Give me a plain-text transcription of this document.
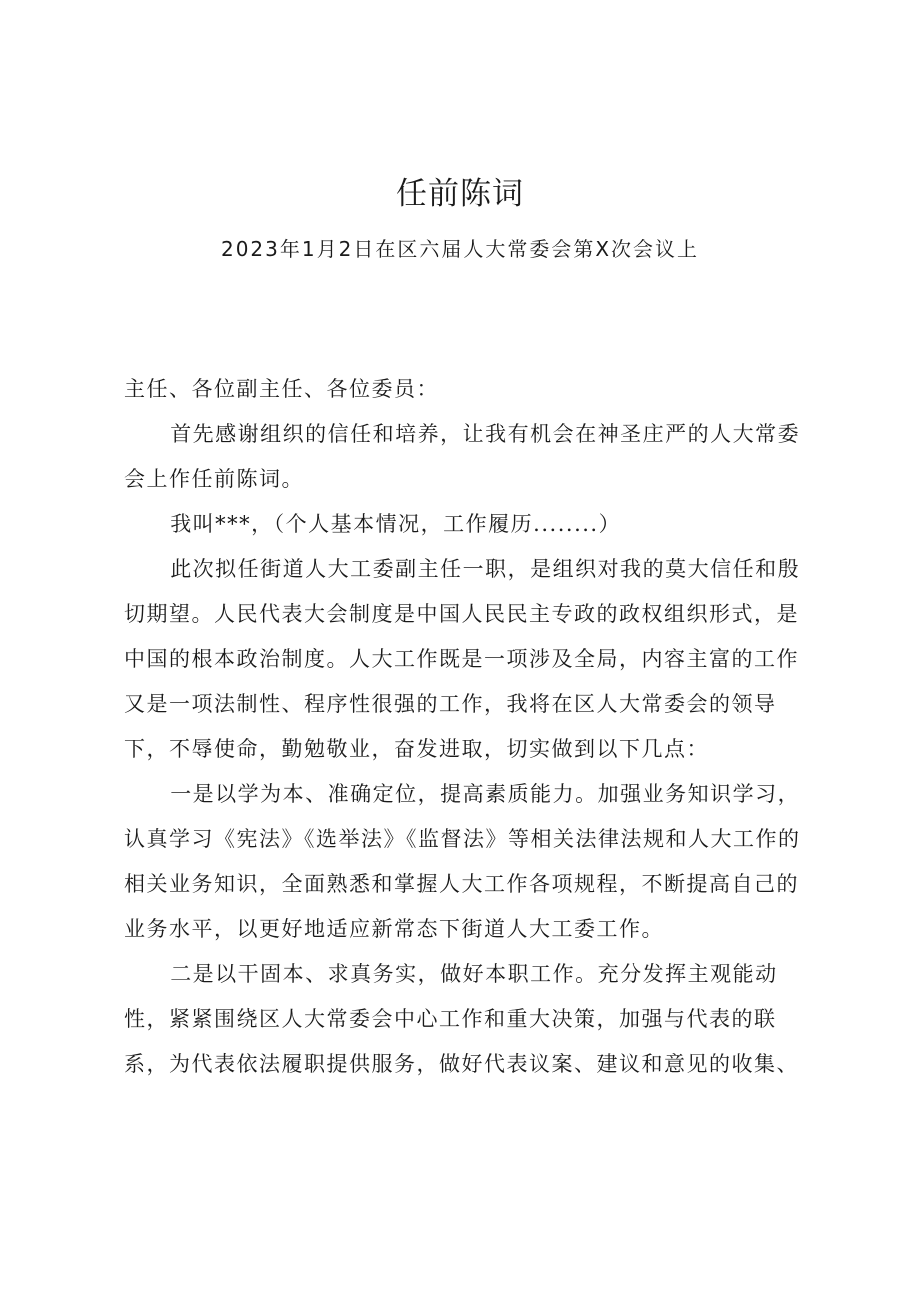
任前陈词
2023年1月2日在区六届人大常委会第X次会议上

主任、各位副主任、各位委员：

首先感谢组织的信任和培养，让我有机会在神圣庄严的人大常委会上作任前陈词。

我叫***，（个人基本情况，工作履历........）

此次拟任街道人大工委副主任一职，是组织对我的莫大信任和殷切期望。人民代表大会制度是中国人民民主专政的政权组织形式，是中国的根本政治制度。人大工作既是一项涉及全局，内容主富的工作又是一项法制性、程序性很强的工作，我将在区人大常委会的领导下，不辱使命，勤勉敬业，奋发进取，切实做到以下几点：

一是以学为本、准确定位，提高素质能力。加强业务知识学习，认真学习《宪法》《选举法》《监督法》等相关法律法规和人大工作的相关业务知识，全面熟悉和掌握人大工作各项规程，不断提高自己的业务水平，以更好地适应新常态下街道人大工委工作。

二是以干固本、求真务实，做好本职工作。充分发挥主观能动性，紧紧围绕区人大常委会中心工作和重大决策，加强与代表的联系，为代表依法履职提供服务，做好代表议案、建议和意见的收集、
